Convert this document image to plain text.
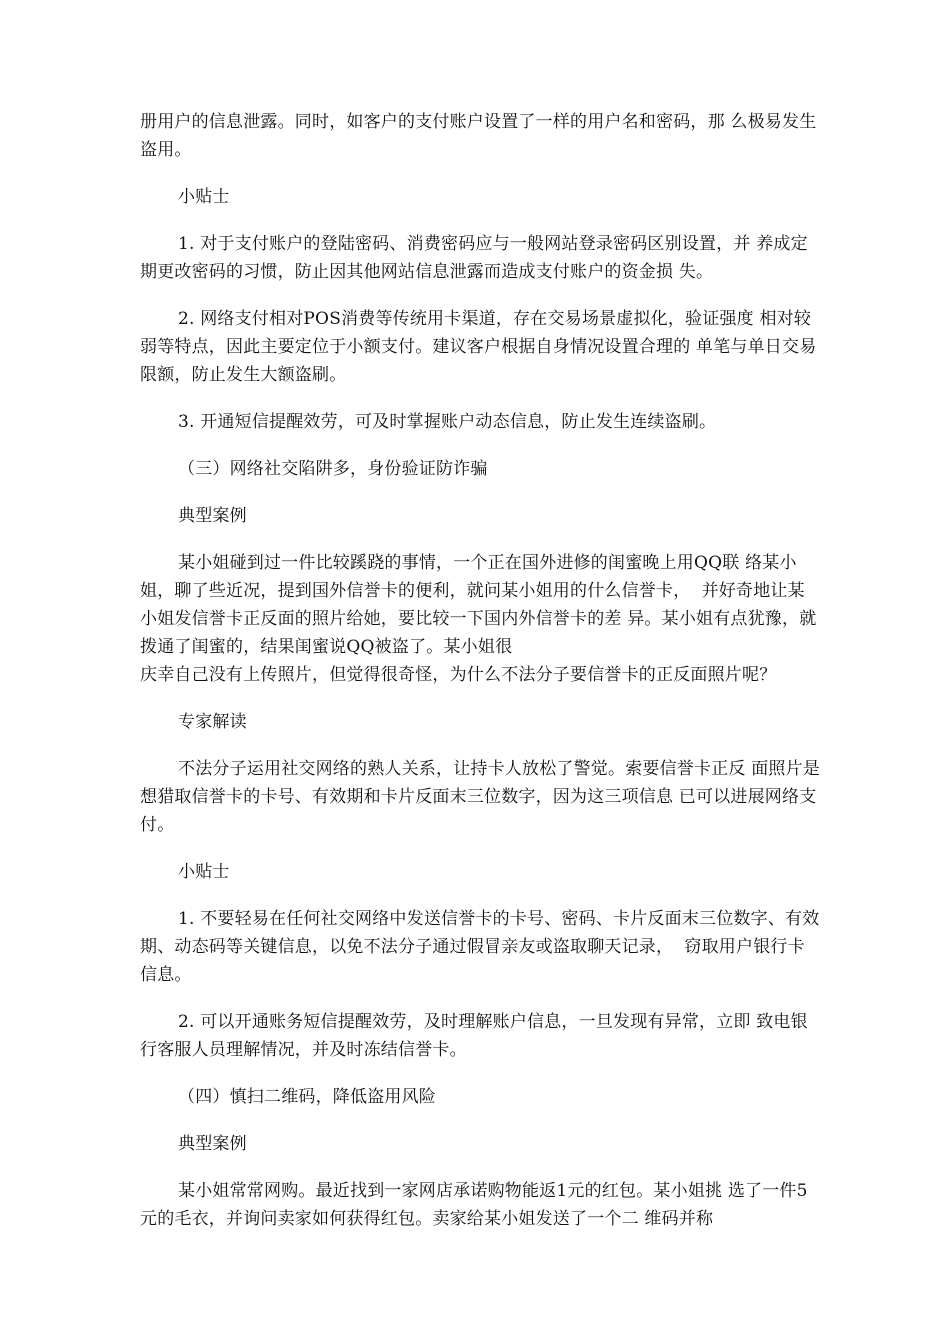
册用户的信息泄露。同时，如客户的支付账户设置了一样的用户名和密码，那 么极易发生盗用。

小贴士

1. 对于支付账户的登陆密码、消费密码应与一般网站登录密码区别设置，并 养成定期更改密码的习惯，防止因其他网站信息泄露而造成支付账户的资金损 失。

2. 网络支付相对POS消费等传统用卡渠道，存在交易场景虚拟化，验证强度 相对较弱等特点，因此主要定位于小额支付。建议客户根据自身情况设置合理的 单笔与单日交易限额，防止发生大额盗刷。

3. 开通短信提醒效劳，可及时掌握账户动态信息，防止发生连续盗刷。

（三）网络社交陷阱多，身份验证防诈骗

典型案例

某小姐碰到过一件比较蹊跷的事情，一个正在国外进修的闺蜜晚上用QQ联 络某小姐，聊了些近况，提到国外信誉卡的便利，就问某小姐用的什么信誉卡，  并好奇地让某小姐发信誉卡正反面的照片给她，要比较一下国内外信誉卡的差 异。某小姐有点犹豫，就拨通了闺蜜的，结果闺蜜说QQ被盗了。某小姐很

庆幸自己没有上传照片，但觉得很奇怪，为什么不法分子要信誉卡的正反面照片呢？

专家解读

不法分子运用社交网络的熟人关系，让持卡人放松了警觉。索要信誉卡正反 面照片是想猎取信誉卡的卡号、有效期和卡片反面末三位数字，因为这三项信息 已可以进展网络支付。

小贴士

1. 不要轻易在任何社交网络中发送信誉卡的卡号、密码、卡片反面末三位数字、有效期、动态码等关键信息，以免不法分子通过假冒亲友或盗取聊天记录，  窃取用户银行卡信息。

2. 可以开通账务短信提醒效劳，及时理解账户信息，一旦发现有异常，立即 致电银行客服人员理解情况，并及时冻结信誉卡。

（四）慎扫二维码，降低盗用风险

典型案例

某小姐常常网购。最近找到一家网店承诺购物能返1元的红包。某小姐挑 选了一件5元的毛衣，并询问卖家如何获得红包。卖家给某小姐发送了一个二 维码并称
